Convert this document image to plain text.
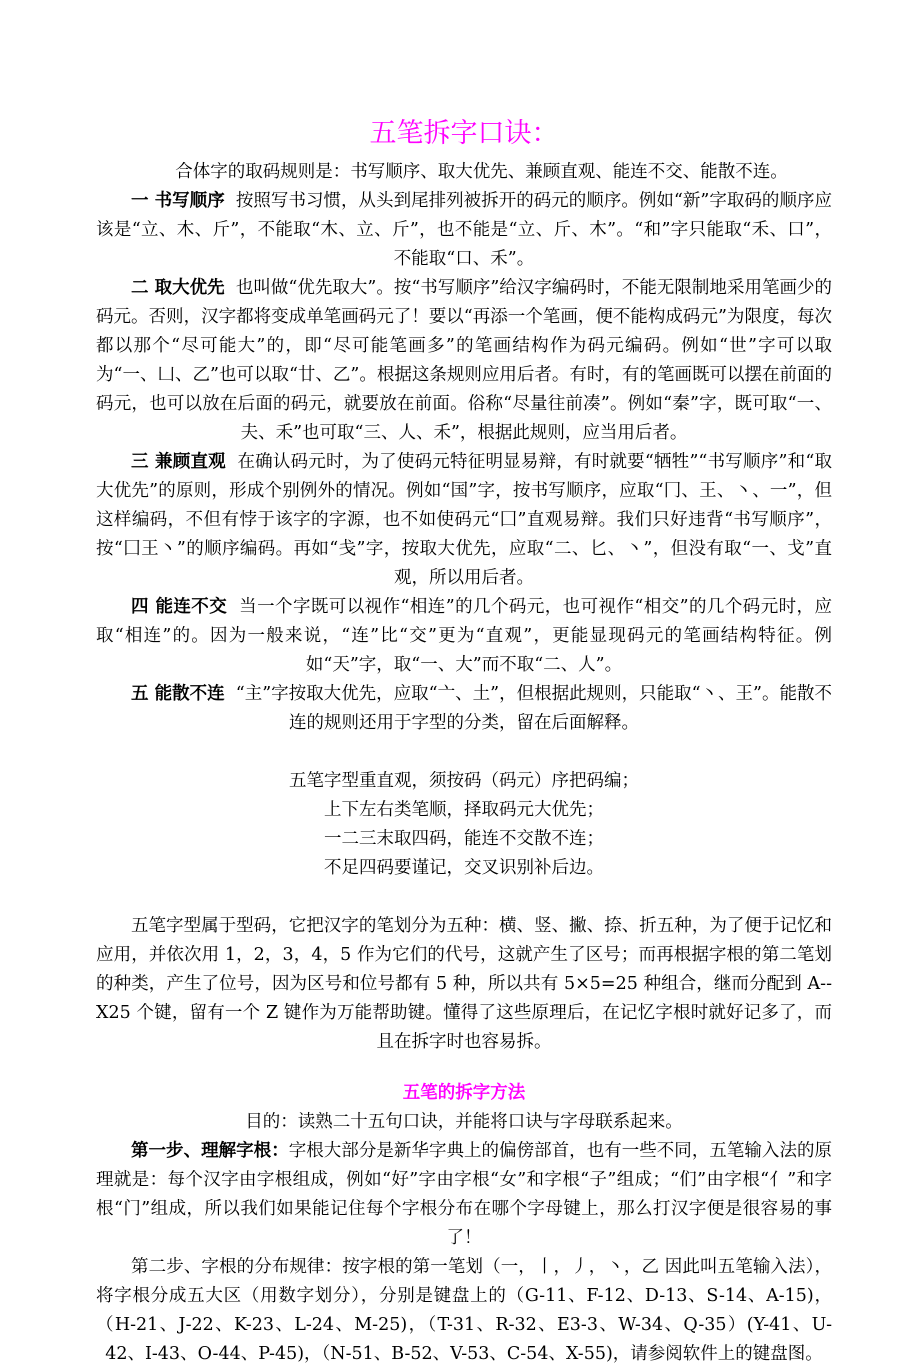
五笔拆字口诀：

合体字的取码规则是：书写顺序、取大优先、兼顾直观、能连不交、能散不连。

一 书写顺序 按照写书习惯，从头到尾排列被拆开的码元的顺序。例如“新”字取码的顺序应该是“立、木、斤”，不能取“木、立、斤”，也不能是“立、斤、木”。“和”字只能取“禾、口”，不能取“口、禾”。

二 取大优先 也叫做“优先取大”。按“书写顺序”给汉字编码时，不能无限制地采用笔画少的码元。否则，汉字都将变成单笔画码元了！要以“再添一个笔画，便不能构成码元”为限度，每次都以那个“尽可能大”的，即“尽可能笔画多”的笔画结构作为码元编码。例如“世”字可以取为“一、凵、乙”也可以取“廿、乙”。根据这条规则应用后者。有时，有的笔画既可以摆在前面的码元，也可以放在后面的码元，就要放在前面。俗称“尽量往前凑”。例如“秦”字，既可取“一、夫、禾”也可取“三、人、禾”，根据此规则，应当用后者。

三 兼顾直观 在确认码元时，为了使码元特征明显易辩，有时就要“牺牲”“书写顺序”和“取大优先”的原则，形成个别例外的情况。例如“国”字，按书写顺序，应取“冂、王、丶、一”，但这样编码，不但有悖于该字的字源，也不如使码元“囗”直观易辩。我们只好违背“书写顺序”，按“囗王丶”的顺序编码。再如“戋”字，按取大优先，应取“二、匕、丶”，但没有取“一、戈”直观，所以用后者。

四 能连不交 当一个字既可以视作“相连”的几个码元，也可视作“相交”的几个码元时，应取“相连”的。因为一般来说，“连”比“交”更为“直观”，更能显现码元的笔画结构特征。例如“天”字，取“一、大”而不取“二、人”。

五 能散不连 “主”字按取大优先，应取“亠、土”，但根据此规则，只能取“丶、王”。能散不连的规则还用于字型的分类，留在后面解释。

五笔字型重直观，须按码（码元）序把码编；
上下左右类笔顺，择取码元大优先；
一二三末取四码，能连不交散不连；
不足四码要谨记，交叉识别补后边。

五笔字型属于型码，它把汉字的笔划分为五种：横、竖、撇、捺、折五种，为了便于记忆和应用，并依次用 1，2，3，4，5 作为它们的代号，这就产生了区号；而再根据字根的第二笔划的种类，产生了位号，因为区号和位号都有 5 种，所以共有 5×5=25 种组合，继而分配到 A--X25 个键，留有一个 Z 键作为万能帮助键。懂得了这些原理后，在记忆字根时就好记多了，而且在拆字时也容易拆。

五笔的拆字方法

目的：读熟二十五句口诀，并能将口诀与字母联系起来。

第一步、理解字根：字根大部分是新华字典上的偏傍部首，也有一些不同，五笔输入法的原理就是：每个汉字由字根组成，例如“好”字由字根“女”和字根“子”组成；“们”由字根“亻”和字根“门”组成，所以我们如果能记住每个字根分布在哪个字母键上，那么打汉字便是很容易的事了！

第二步、字根的分布规律：按字根的第一笔划（一，丨，丿，丶，乙 因此叫五笔输入法），将字根分成五大区（用数字划分），分别是键盘上的（G-11、F-12、D-13、S-14、A-15)，（H-21、J-22、K-23、L-24、M-25)，（T-31、R-32、E3-3、W-34、Q-35）(Y-41、U-42、I-43、O-44、P-45)，（N-51、B-52、V-53、C-54、X-55)，请参阅软件上的键盘图。
